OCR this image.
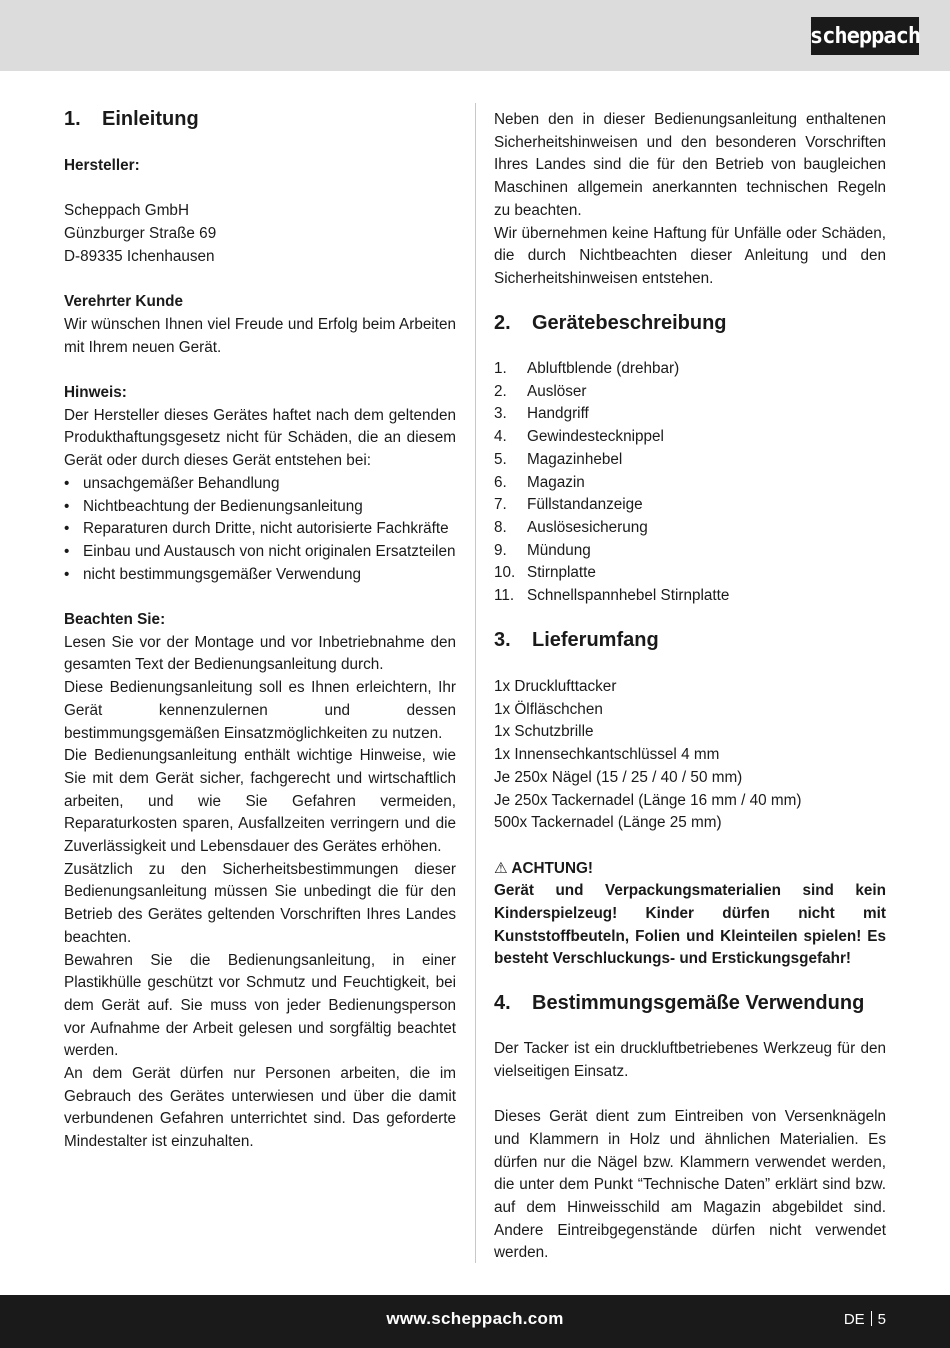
scheppach
1. Einleitung

Hersteller:

Scheppach GmbH

Günzburger Straße 69

D-89335 Ichenhausen

Verehrter Kunde

Wir wünschen Ihnen viel Freude und Erfolg beim Arbeiten mit Ihrem neuen Gerät.

Hinweis:

Der Hersteller dieses Gerätes haftet nach dem geltenden Produkthaftungsgesetz nicht für Schäden, die an diesem Gerät oder durch dieses Gerät entstehen bei:

• unsachgemäßer Behandlung
• Nichtbeachtung der Bedienungsanleitung
• Reparaturen durch Dritte, nicht autorisierte Fachkräfte
• Einbau und Austausch von nicht originalen Ersatzteilen
• nicht bestimmungsgemäßer Verwendung

Beachten Sie:

Lesen Sie vor der Montage und vor Inbetriebnahme den gesamten Text der Bedienungsanleitung durch.

Diese Bedienungsanleitung soll es Ihnen erleichtern, Ihr Gerät kennenzulernen und dessen bestimmungsgemäßen Einsatzmöglichkeiten zu nutzen.

Die Bedienungsanleitung enthält wichtige Hinweise, wie Sie mit dem Gerät sicher, fachgerecht und wirtschaftlich arbeiten, und wie Sie Gefahren vermeiden, Reparaturkosten sparen, Ausfallzeiten verringern und die Zuverlässigkeit und Lebensdauer des Gerätes erhöhen.

Zusätzlich zu den Sicherheitsbestimmungen dieser Bedienungsanleitung müssen Sie unbedingt die für den Betrieb des Gerätes geltenden Vorschriften Ihres Landes beachten.

Bewahren Sie die Bedienungsanleitung, in einer Plastikhülle geschützt vor Schmutz und Feuchtigkeit, bei dem Gerät auf. Sie muss von jeder Bedienungsperson vor Aufnahme der Arbeit gelesen und sorgfältig beachtet werden.

An dem Gerät dürfen nur Personen arbeiten, die im Gebrauch des Gerätes unterwiesen und über die damit verbundenen Gefahren unterrichtet sind. Das geforderte Mindestalter ist einzuhalten.

Neben den in dieser Bedienungsanleitung enthaltenen Sicherheitshinweisen und den besonderen Vorschriften Ihres Landes sind die für den Betrieb von baugleichen Maschinen allgemein anerkannten technischen Regeln zu beachten.

Wir übernehmen keine Haftung für Unfälle oder Schäden, die durch Nichtbeachten dieser Anleitung und den Sicherheitshinweisen entstehen.

2. Gerätebeschreibung
1.	Abluftblende (drehbar)
2.	Auslöser
3.	Handgriff
4.	Gewindestecknippel
5.	Magazinhebel
6.	Magazin
7.	Füllstandanzeige
8.	Auslösesicherung
9.	Mündung
10. Stirnplatte
11. Schnellspannhebel Stirnplatte
3. Lieferumfang

1x Drucklufttacker

1x Ölfläschchen

1x Schutzbrille

1x Innensechkantschlüssel 4 mm

Je 250x Nägel (15 / 25 / 40 / 50 mm)

Je 250x Tackernadel (Länge 16 mm / 40 mm)

500x Tackernadel (Länge 25 mm)

⚠ ACHTUNG!

Gerät und Verpackungsmaterialien sind kein Kinderspielzeug! Kinder dürfen nicht mit Kunststoffbeuteln, Folien und Kleinteilen spielen! Es besteht Verschluckungs- und Erstickungsgefahr!

4. Bestimmungsgemäße Verwendung

Der Tacker ist ein druckluftbetriebenes Werkzeug für den vielseitigen Einsatz.

Dieses Gerät dient zum Eintreiben von Versenknägeln und Klammern in Holz und ähnlichen Materialien. Es dürfen nur die Nägel bzw. Klammern verwendet werden, die unter dem Punkt “Technische Daten” erklärt sind bzw. auf dem Hinweisschild am Magazin abgebildet sind. Andere Eintreibgegenstände dürfen nicht verwendet werden.

www.scheppach.com	DE 5
